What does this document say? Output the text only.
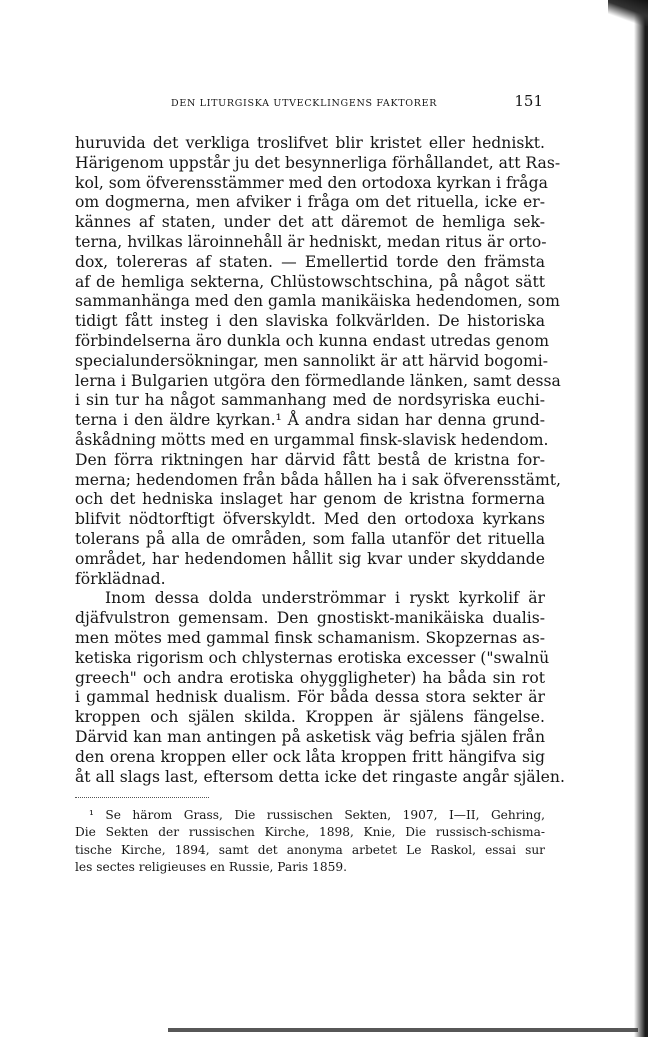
DEN LITURGISKA UTVECKLINGENS FAKTORER	151
huruvida det verkliga troslifvet blir kristet eller hedniskt.
Härigenom uppstår ju det besynnerliga förhållandet, att Ras-
kol, som öfverensstämmer med den ortodoxa kyrkan i fråga
om dogmerna, men afviker i fråga om det rituella, icke er-
kännes af staten, under det att däremot de hemliga sek-
terna, hvilkas läroinnehåll är hedniskt, medan ritus är orto-
dox, tolereras af staten. — Emellertid torde den främsta
af de hemliga sekterna, Chlüstowschtschina, på något sätt
sammanhänga med den gamla manikäiska hedendomen, som
tidigt fått insteg i den slaviska folkvärlden. De historiska
förbindelserna äro dunkla och kunna endast utredas genom
specialundersökningar, men sannolikt är att härvid bogomi-
lerna i Bulgarien utgöra den förmedlande länken, samt dessa
i sin tur ha något sammanhang med de nordsyriska euchi-
terna i den äldre kyrkan.¹ Å andra sidan har denna grund-
åskådning mötts med en urgammal finsk-slavisk hedendom.
Den förra riktningen har därvid fått bestå de kristna for-
merna; hedendomen från båda hållen ha i sak öfverensstämt,
och det hedniska inslaget har genom de kristna formerna
blifvit nödtorftigt öfverskyldt. Med den ortodoxa kyrkans
tolerans på alla de områden, som falla utanför det rituella
området, har hedendomen hållit sig kvar under skyddande
förklädnad.
Inom dessa dolda underströmmar i ryskt kyrkolif är
djäfvulstron gemensam. Den gnostiskt-manikäiska dualis-
men mötes med gammal finsk schamanism. Skopzernas as-
ketiska rigorism och chlysternas erotiska excesser ("swalnü
greech" och andra erotiska ohyggligheter) ha båda sin rot
i gammal hednisk dualism. För båda dessa stora sekter är
kroppen och själen skilda. Kroppen är själens fängelse.
Därvid kan man antingen på asketisk väg befria själen från
den orena kroppen eller ock låta kroppen fritt hängifva sig
åt all slags last, eftersom detta icke det ringaste angår själen.
¹ Se härom Grass, Die russischen Sekten, 1907, I—II, Gehring,
Die Sekten der russischen Kirche, 1898, Knie, Die russisch-schisma-
tische Kirche, 1894, samt det anonyma arbetet Le Raskol, essai sur
les sectes religieuses en Russie, Paris 1859.
